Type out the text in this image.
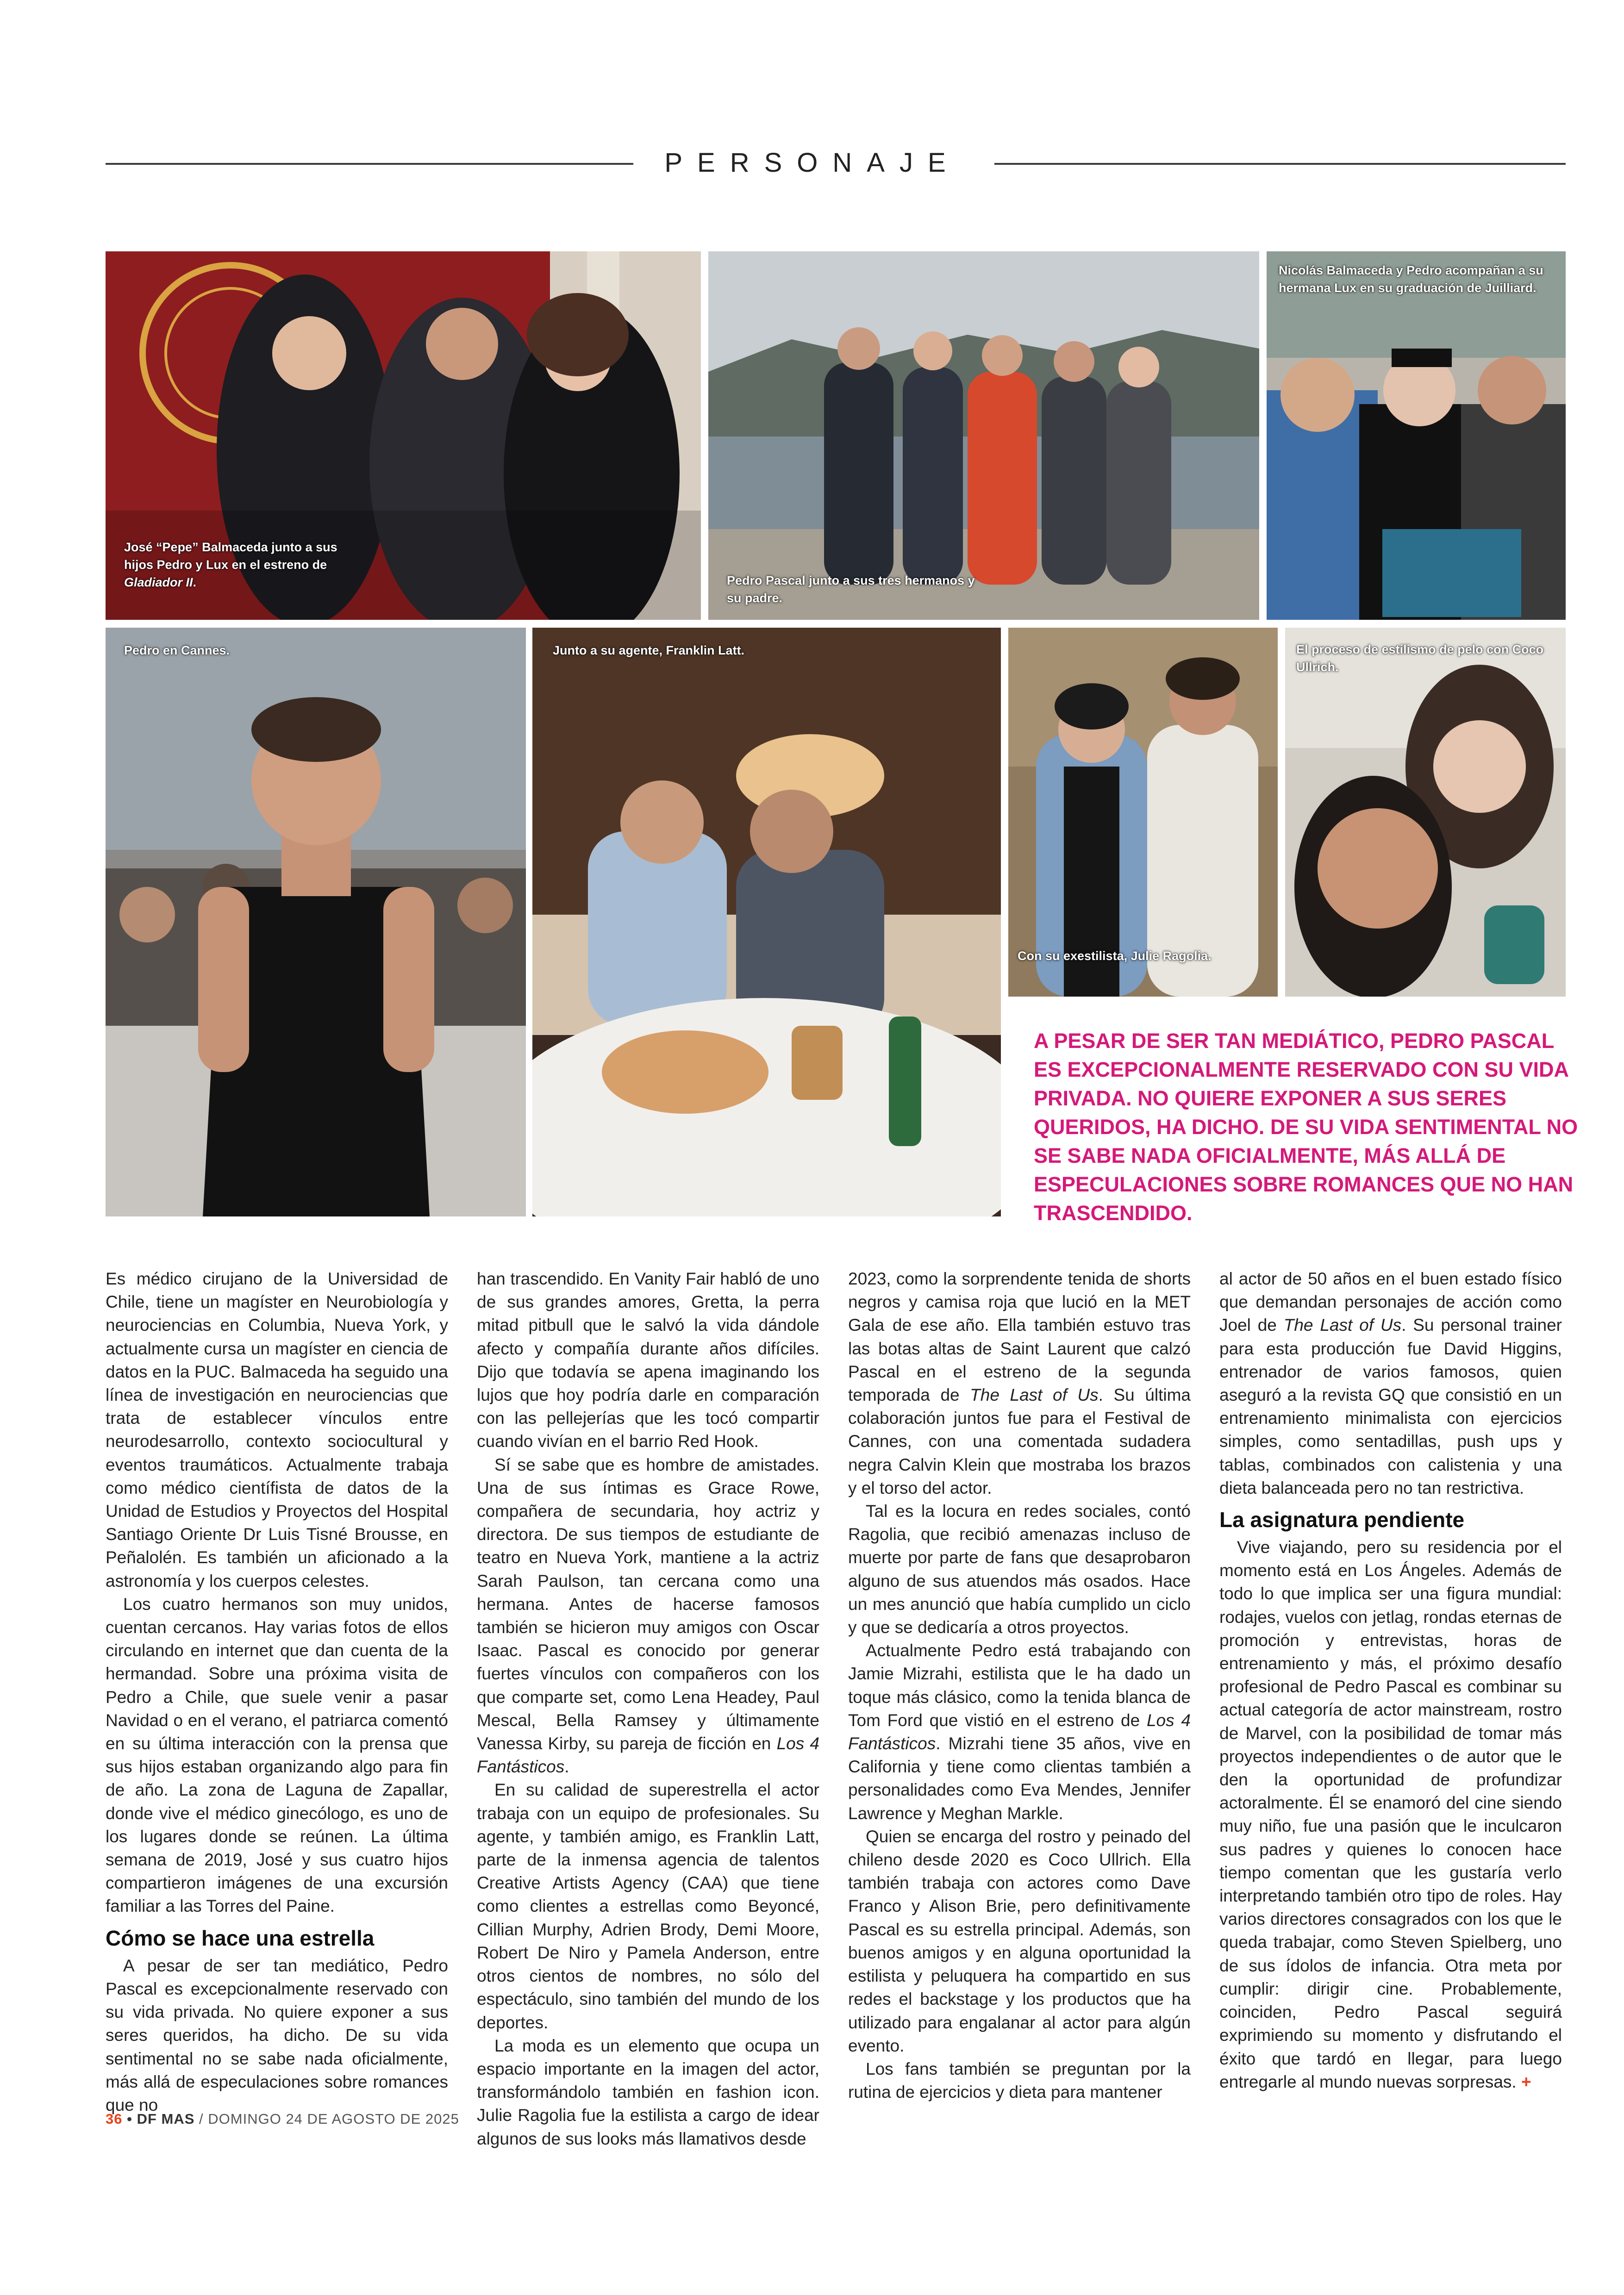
PERSONAJE
José “Pepe” Balmaceda junto a sus hijos Pedro y Lux en el estreno de Gladiador II.	Pedro Pascal junto a sus tres hermanos y su padre.
Nicolás Balmaceda y Pedro acompañan a su hermana Lux en su graduación de Juilliard.
Pedro en Cannes.	Junto a su agente, Franklin Latt.
Con su exestilista, Julie Ragolia.
El proceso de estilismo de pelo con Coco Ullrich.
A PESAR DE SER TAN MEDIÁTICO, PEDRO PASCAL ES EXCEPCIONALMENTE RESERVADO CON SU VIDA PRIVADA. NO QUIERE EXPONER A SUS SERES QUERIDOS, HA DICHO. DE SU VIDA SENTIMENTAL NO SE SABE NADA OFICIALMENTE, MÁS ALLÁ DE ESPECULACIONES SOBRE ROMANCES QUE NO HAN TRASCENDIDO.

Es médico cirujano de la Universidad de Chile, tiene un magíster en Neurobiología y neurociencias en Columbia, Nueva York, y actualmente cursa un magíster en ciencia de datos en la PUC. Balmaceda ha seguido una línea de investigación en neurociencias que trata de establecer vínculos entre neurodesarrollo, contexto sociocultural y eventos traumáticos. Actualmente trabaja como médico científista de datos de la Unidad de Estudios y Proyectos del Hospital Santiago Oriente Dr Luis Tisné Brousse, en Peñalolén. Es también un aficionado a la astronomía y los cuerpos celestes.

Los cuatro hermanos son muy unidos, cuentan cercanos. Hay varias fotos de ellos circulando en internet que dan cuenta de la hermandad. Sobre una próxima visita de Pedro a Chile, que suele venir a pasar Navidad o en el verano, el patriarca comentó en su última interacción con la prensa que sus hijos estaban organizando algo para fin de año. La zona de Laguna de Zapallar, donde vive el médico ginecólogo, es uno de los lugares donde se reúnen. La última semana de 2019, José y sus cuatro hijos compartieron imágenes de una excursión familiar a las Torres del Paine.

Cómo se hace una estrella

A pesar de ser tan mediático, Pedro Pascal es excepcionalmente reservado con su vida privada. No quiere exponer a sus seres queridos, ha dicho. De su vida sentimental no se sabe nada oficialmente, más allá de especulaciones sobre romances que no

han trascendido. En Vanity Fair habló de uno de sus grandes amores, Gretta, la perra mitad pitbull que le salvó la vida dándole afecto y compañía durante años difíciles. Dijo que todavía se apena imaginando los lujos que hoy podría darle en comparación con las pellejerías que les tocó compartir cuando vivían en el barrio Red Hook.

Sí se sabe que es hombre de amistades. Una de sus íntimas es Grace Rowe, compañera de secundaria, hoy actriz y directora. De sus tiempos de estudiante de teatro en Nueva York, mantiene a la actriz Sarah Paulson, tan cercana como una hermana. Antes de hacerse famosos también se hicieron muy amigos con Oscar Isaac. Pascal es conocido por generar fuertes vínculos con compañeros con los que comparte set, como Lena Headey, Paul Mescal, Bella Ramsey y últimamente Vanessa Kirby, su pareja de ficción en Los 4 Fantásticos.

En su calidad de superestrella el actor trabaja con un equipo de profesionales. Su agente, y también amigo, es Franklin Latt, parte de la inmensa agencia de talentos Creative Artists Agency (CAA) que tiene como clientes a estrellas como Beyoncé, Cillian Murphy, Adrien Brody, Demi Moore, Robert De Niro y Pamela Anderson, entre otros cientos de nombres, no sólo del espectáculo, sino también del mundo de los deportes.

La moda es un elemento que ocupa un espacio importante en la imagen del actor, transformándolo también en fashion icon. Julie Ragolia fue la estilista a cargo de idear algunos de sus looks más llamativos desde

2023, como la sorprendente tenida de shorts negros y camisa roja que lució en la MET Gala de ese año. Ella también estuvo tras las botas altas de Saint Laurent que calzó Pascal en el estreno de la segunda temporada de The Last of Us. Su última colaboración juntos fue para el Festival de Cannes, con una comentada sudadera negra Calvin Klein que mostraba los brazos y el torso del actor.

Tal es la locura en redes sociales, contó Ragolia, que recibió amenazas incluso de muerte por parte de fans que desaprobaron alguno de sus atuendos más osados. Hace un mes anunció que había cumplido un ciclo y que se dedicaría a otros proyectos.

Actualmente Pedro está trabajando con Jamie Mizrahi, estilista que le ha dado un toque más clásico, como la tenida blanca de Tom Ford que vistió en el estreno de Los 4 Fantásticos. Mizrahi tiene 35 años, vive en California y tiene como clientas también a personalidades como Eva Mendes, Jennifer Lawrence y Meghan Markle.

Quien se encarga del rostro y peinado del chileno desde 2020 es Coco Ullrich. Ella también trabaja con actores como Dave Franco y Alison Brie, pero definitivamente Pascal es su estrella principal. Además, son buenos amigos y en alguna oportunidad la estilista y peluquera ha compartido en sus redes el backstage y los productos que ha utilizado para engalanar al actor para algún evento.

Los fans también se preguntan por la rutina de ejercicios y dieta para mantener

al actor de 50 años en el buen estado físico que demandan personajes de acción como Joel de The Last of Us. Su personal trainer para esta producción fue David Higgins, entrenador de varios famosos, quien aseguró a la revista GQ que consistió en un entrenamiento minimalista con ejercicios simples, como sentadillas, push ups y tablas, combinados con calistenia y una dieta balanceada pero no tan restrictiva.

La asignatura pendiente

Vive viajando, pero su residencia por el momento está en Los Ángeles. Además de todo lo que implica ser una figura mundial: rodajes, vuelos con jetlag, rondas eternas de promoción y entrevistas, horas de entrenamiento y más, el próximo desafío profesional de Pedro Pascal es combinar su actual categoría de actor mainstream, rostro de Marvel, con la posibilidad de tomar más proyectos independientes o de autor que le den la oportunidad de profundizar actoralmente. Él se enamoró del cine siendo muy niño, fue una pasión que le inculcaron sus padres y quienes lo conocen hace tiempo comentan que les gustaría verlo interpretando también otro tipo de roles. Hay varios directores consagrados con los que le queda trabajar, como Steven Spielberg, uno de sus ídolos de infancia. Otra meta por cumplir: dirigir cine. Probablemente, coinciden, Pedro Pascal seguirá exprimiendo su momento y disfrutando el éxito que tardó en llegar, para luego entregarle al mundo nuevas sorpresas. +

36 • DF MAS / DOMINGO 24 DE AGOSTO DE 2025
